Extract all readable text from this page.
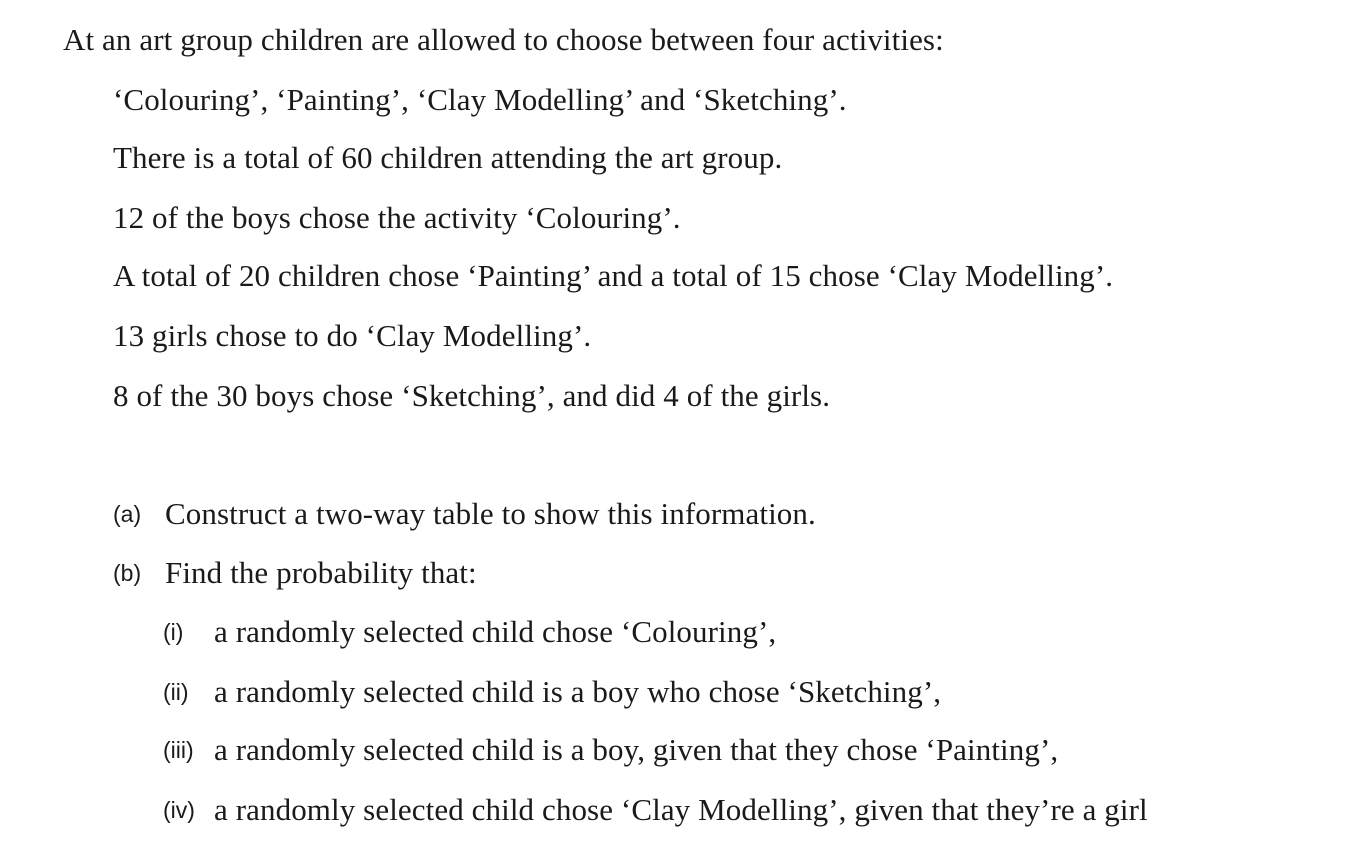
At an art group children are allowed to choose between four activities:
‘Colouring’, ‘Painting’, ‘Clay Modelling’ and ‘Sketching’.
There is a total of 60 children attending the art group.
12 of the boys chose the activity ‘Colouring’.
A total of 20 children chose ‘Painting’ and a total of 15 chose ‘Clay Modelling’.
13 girls chose to do ‘Clay Modelling’.
8 of the 30 boys chose ‘Sketching’, and did 4 of the girls.
(a) Construct a two-way table to show this information.
(b) Find the probability that:
(i) a randomly selected child chose ‘Colouring’,
(ii) a randomly selected child is a boy who chose ‘Sketching’,
(iii) a randomly selected child is a boy, given that they chose ‘Painting’,
(iv) a randomly selected child chose ‘Clay Modelling’, given that they’re a girl
